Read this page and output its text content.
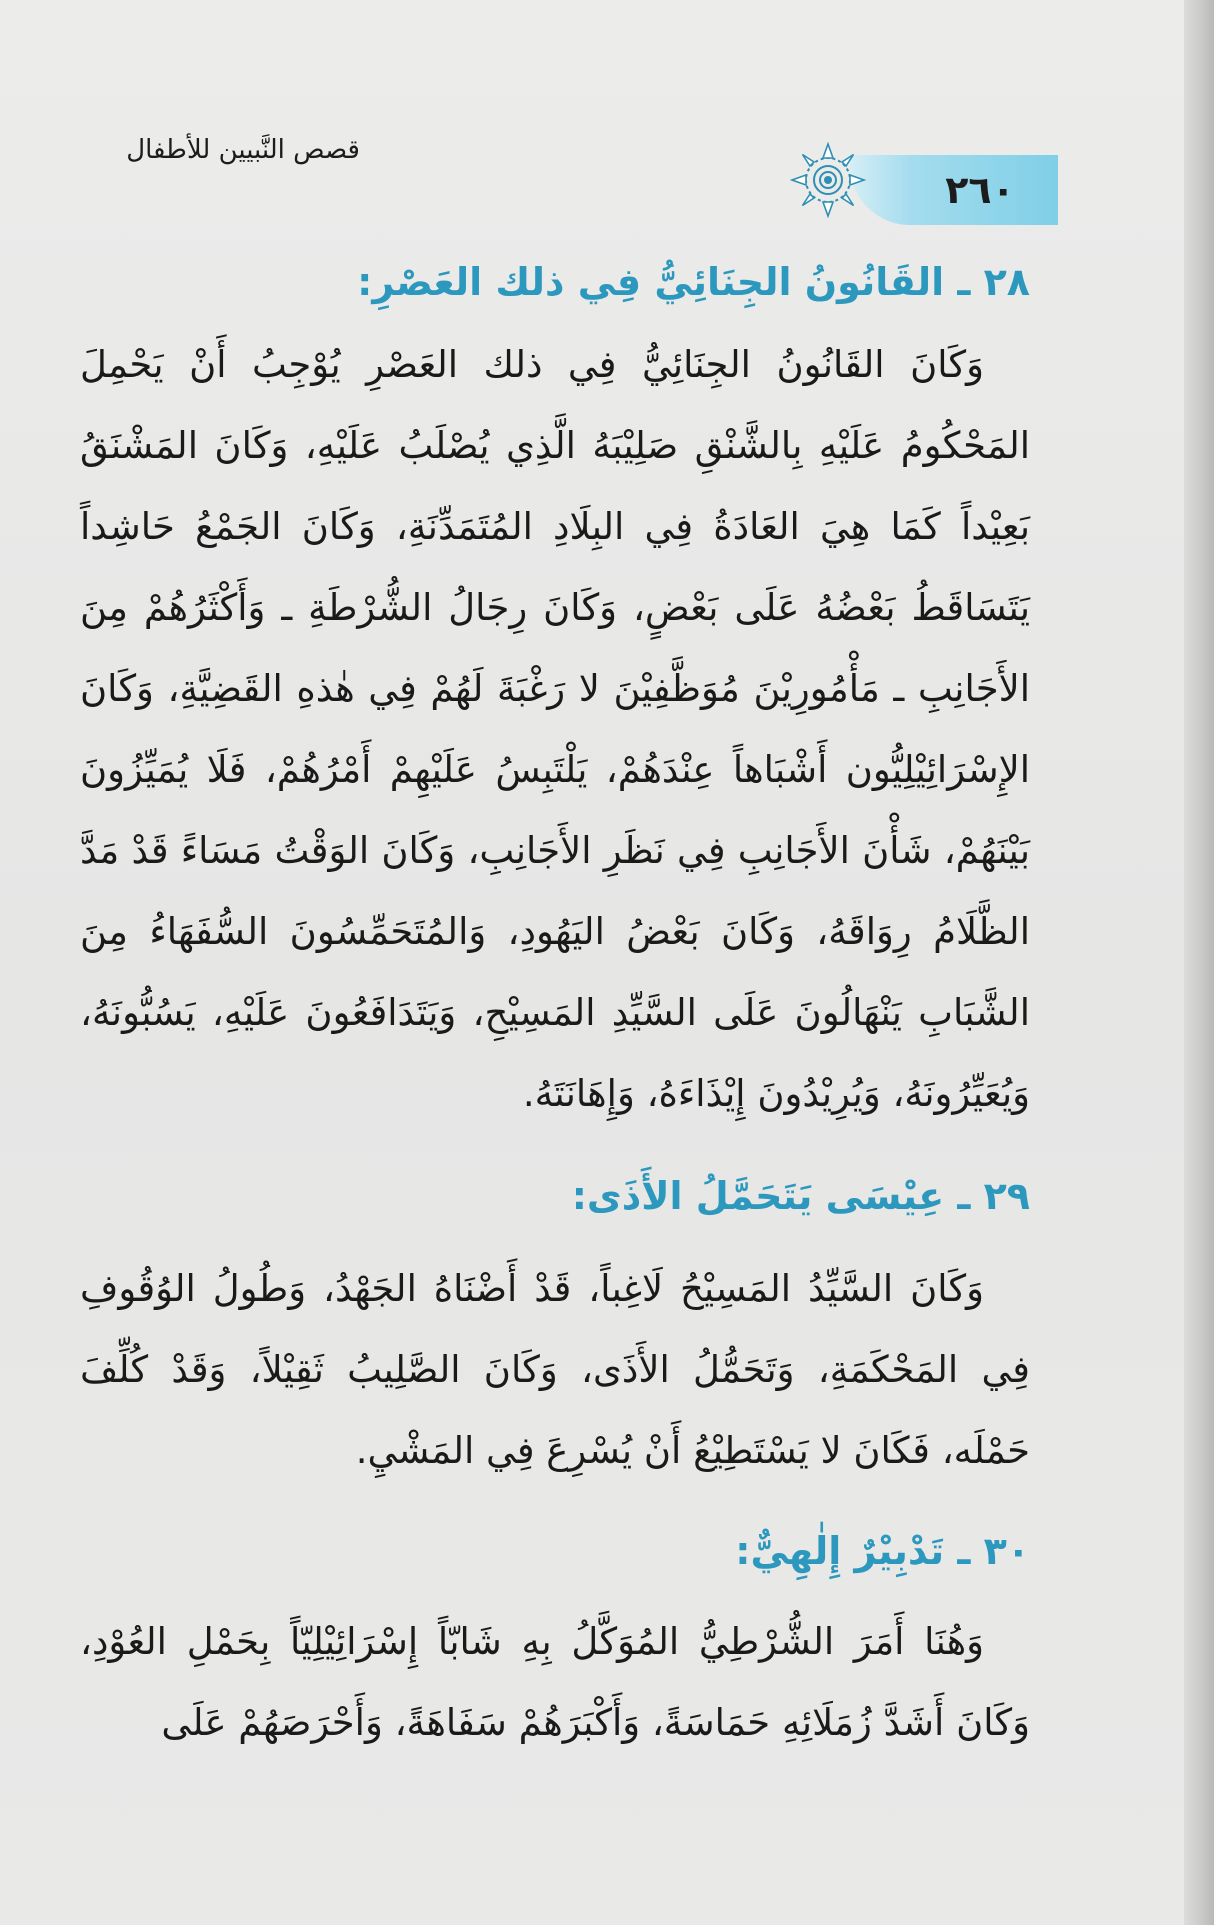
٢٦٠
قصص النَّبيين للأطفال
٢٨ ـ القَانُونُ الجِنَائِيُّ فِي ذلك العَصْرِ:

وَكَانَ القَانُونُ الجِنَائِيُّ فِي ذلك العَصْرِ يُوْجِبُ أَنْ يَحْمِلَ المَحْكُومُ عَلَيْهِ بِالشَّنْقِ صَلِيْبَهُ الَّذِي يُصْلَبُ عَلَيْهِ، وَكَانَ المَشْنَقُ بَعِيْداً كَمَا هِيَ العَادَةُ فِي البِلَادِ المُتَمَدِّنَةِ، وَكَانَ الجَمْعُ حَاشِداً يَتَسَاقَطُ بَعْضُهُ عَلَى بَعْضٍ، وَكَانَ رِجَالُ الشُّرْطَةِ ـ وَأَكْثَرُهُمْ مِنَ الأَجَانِبِ ـ مَأْمُورِيْنَ مُوَظَّفِيْنَ لا رَغْبَةَ لَهُمْ فِي هٰذهِ القَضِيَّةِ، وَكَانَ الإِسْرَائِيْلِيُّون أَشْبَاهاً عِنْدَهُمْ، يَلْتَبِسُ عَلَيْهِمْ أَمْرُهُمْ، فَلَا يُمَيِّزُونَ بَيْنَهُمْ، شَأْنَ الأَجَانِبِ فِي نَظَرِ الأَجَانِبِ، وَكَانَ الوَقْتُ مَسَاءً قَدْ مَدَّ الظَّلَامُ رِوَاقَهُ، وَكَانَ بَعْضُ اليَهُودِ، وَالمُتَحَمِّسُونَ السُّفَهَاءُ مِنَ الشَّبَابِ يَنْهَالُونَ عَلَى السَّيِّدِ المَسِيْحِ، وَيَتَدَافَعُونَ عَلَيْهِ، يَسُبُّونَهُ، وَيُعَيِّرُونَهُ، وَيُرِيْدُونَ إِيْذَاءَهُ، وَإِهَانَتَهُ.

٢٩ ـ عِيْسَى يَتَحَمَّلُ الأَذَى:

وَكَانَ السَّيِّدُ المَسِيْحُ لَاغِباً، قَدْ أَضْنَاهُ الجَهْدُ، وَطُولُ الوُقُوفِ فِي المَحْكَمَةِ، وَتَحَمُّلُ الأَذَى، وَكَانَ الصَّلِيبُ ثَقِيْلاً، وَقَدْ كُلِّفَ حَمْلَه، فَكَانَ لا يَسْتَطِيْعُ أَنْ يُسْرِعَ فِي المَشْيِ.

٣٠ ـ تَدْبِيْرٌ إِلٰهِيٌّ:

وَهُنَا أَمَرَ الشُّرْطِيُّ المُوَكَّلُ بِهِ شَابّاً إِسْرَائِيْلِيّاً بِحَمْلِ العُوْدِ، وَكَانَ أَشَدَّ زُمَلَائِهِ حَمَاسَةً، وَأَكْبَرَهُمْ سَفَاهَةً، وَأَحْرَصَهُمْ عَلَى
